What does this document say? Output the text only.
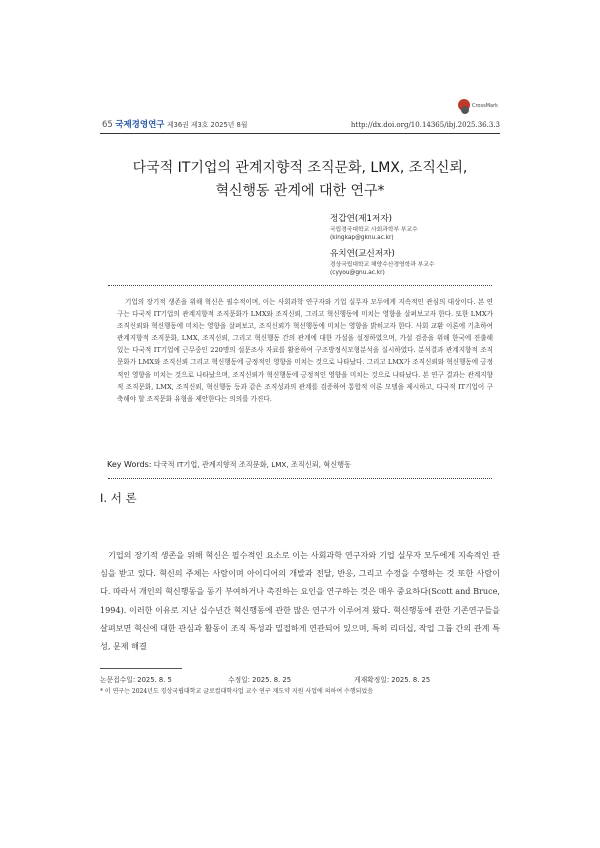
CrossMark
65 국제경영연구 제36권 제3호 2025년 8월	http://dx.doi.org/10.14365/ibj.2025.36.3.3
다국적 IT기업의 관계지향적 조직문화, LMX, 조직신뢰,
혁신행동 관계에 대한 연구*
정갑연(제1저자)
국립경국대학교 사회과학부 부교수
(kingkap@gknu.ac.kr)
유치연(교신저자)
경상국립대학교 해양수산경영학과 부교수
(cyyou@gnu.ac.kr)
기업의 장기적 생존을 위해 혁신은 필수적이며, 이는 사회과학 연구자와 기업 실무자 모두에게 지속적인 관심의 대상이다. 본 연구는 다국적 IT기업의 관계지향적 조직문화가 LMX와 조직신뢰, 그리고 혁신행동에 미치는 영향을 살펴보고자 한다. 또한 LMX가 조직신뢰와 혁신행동에 미치는 영향을 살펴보고, 조직신뢰가 혁신행동에 미치는 영향을 밝히고자 한다. 사회 교환 이론에 기초하여 관계지향적 조직문화, LMX, 조직신뢰, 그리고 혁신행동 간의 관계에 대한 가설을 설정하였으며, 가설 검증을 위해 한국에 진출해 있는 다국적 IT기업에 근무중인 220명의 설문조사 자료를 활용하여 구조방정식모형분석을 실시하였다. 분석결과 관계지향적 조직문화가 LMX와 조직신뢰 그리고 혁신행동에 긍정적인 영향을 미치는 것으로 나타났다. 그리고 LMX가 조직신뢰와 혁신행동에 긍정적인 영향을 미치는 것으로 나타났으며, 조직신뢰가 혁신행동에 긍정적인 영향을 미치는 것으로 나타났다. 본 연구 결과는 관계지향적 조직문화, LMX, 조직신뢰, 혁신행동 등과 같은 조직성과의 관계를 검증하여 통합적 이론 모델을 제시하고, 다국적 IT기업이 구축해야 할 조직문화 유형을 제안한다는 의의를 가진다.
Key Words: 다국적 IT기업, 관계지향적 조직문화, LMX, 조직신뢰, 혁신행동
Ⅰ. 서 론
기업의 장기적 생존을 위해 혁신은 필수적인 요소로 이는 사회과학 연구자와 기업 실무자 모두에게 지속적인 관심을 받고 있다. 혁신의 주체는 사람이며 아이디어의 개발과 전달, 반응, 그리고 수정을 수행하는 것 또한 사람이다. 따라서 개인의 혁신행동을 동기 부여하거나 촉진하는 요인을 연구하는 것은 매우 중요하다(Scott and Bruce, 1994). 이러한 이유로 지난 십수년간 혁신행동에 관한 많은 연구가 이루어져 왔다. 혁신행동에 관한 기존연구들을 살펴보면 혁신에 대한 관심과 활동이 조직 특성과 밀접하게 연관되어 있으며, 특히 리더십, 작업 그룹 간의 관계 특성, 문제 해결
논문접수일: 2025. 8. 5	수정일: 2025. 8. 25	게재확정일: 2025. 8. 25
* 이 연구는 2024년도 경상국립대학교 글로컬대학사업 교수 연구 재도약 지원 사업에 의하여 수행되었음
